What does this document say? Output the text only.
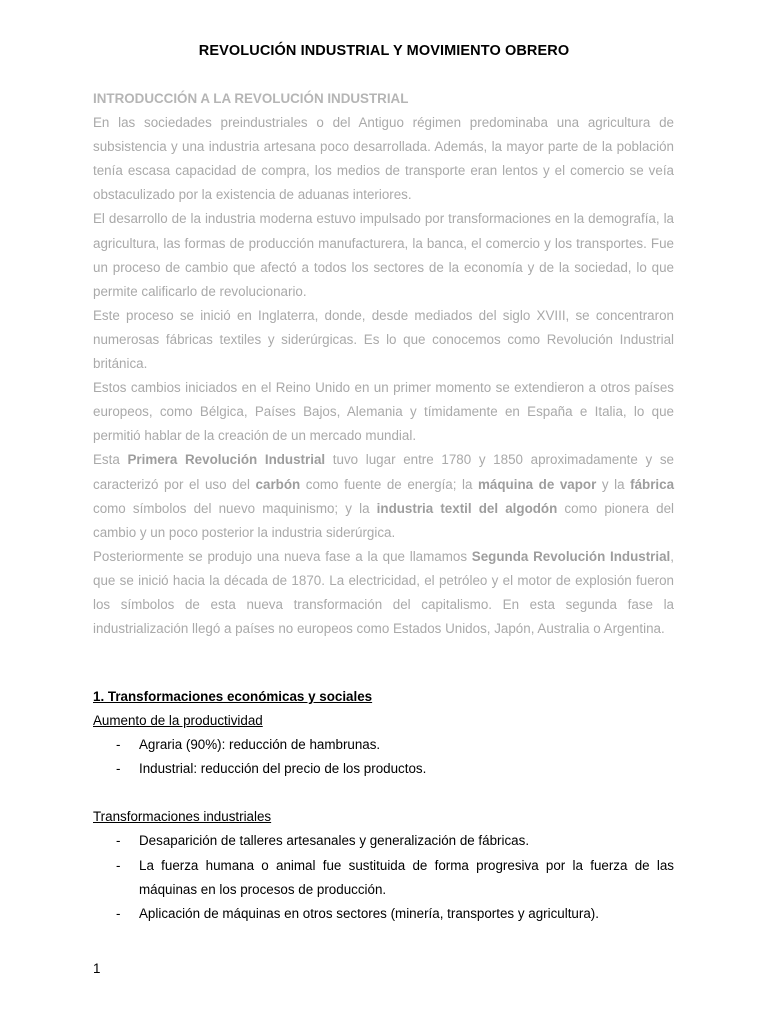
REVOLUCIÓN INDUSTRIAL Y MOVIMIENTO OBRERO
INTRODUCCIÓN A LA REVOLUCIÓN INDUSTRIAL

En las sociedades preindustriales o del Antiguo régimen predominaba una agricultura de subsistencia y una industria artesana poco desarrollada. Además, la mayor parte de la población tenía escasa capacidad de compra, los medios de transporte eran lentos y el comercio se veía obstaculizado por la existencia de aduanas interiores.

El desarrollo de la industria moderna estuvo impulsado por transformaciones en la demografía, la agricultura, las formas de producción manufacturera, la banca, el comercio y los transportes. Fue un proceso de cambio que afectó a todos los sectores de la economía y de la sociedad, lo que permite calificarlo de revolucionario.

Este proceso se inició en Inglaterra, donde, desde mediados del siglo XVIII, se concentraron numerosas fábricas textiles y siderúrgicas. Es lo que conocemos como Revolución Industrial británica.

Estos cambios iniciados en el Reino Unido en un primer momento se extendieron a otros países europeos, como Bélgica, Países Bajos, Alemania y tímidamente en España e Italia, lo que permitió hablar de la creación de un mercado mundial.

Esta Primera Revolución Industrial tuvo lugar entre 1780 y 1850 aproximadamente y se caracterizó por el uso del carbón como fuente de energía; la máquina de vapor y la fábrica como símbolos del nuevo maquinismo; y la industria textil del algodón como pionera del cambio y un poco posterior la industria siderúrgica.

Posteriormente se produjo una nueva fase a la que llamamos Segunda Revolución Industrial, que se inició hacia la década de 1870. La electricidad, el petróleo y el motor de explosión fueron los símbolos de esta nueva transformación del capitalismo. En esta segunda fase la industrialización llegó a países no europeos como Estados Unidos, Japón, Australia o Argentina.

1. Transformaciones económicas y sociales
Aumento de la productividad
- Agraria (90%): reducción de hambrunas.
- Industrial: reducción del precio de los productos.
Transformaciones industriales
- Desaparición de talleres artesanales y generalización de fábricas.
- La fuerza humana o animal fue sustituida de forma progresiva por la fuerza de las máquinas en los procesos de producción.
- Aplicación de máquinas en otros sectores (minería, transportes y agricultura).
1
